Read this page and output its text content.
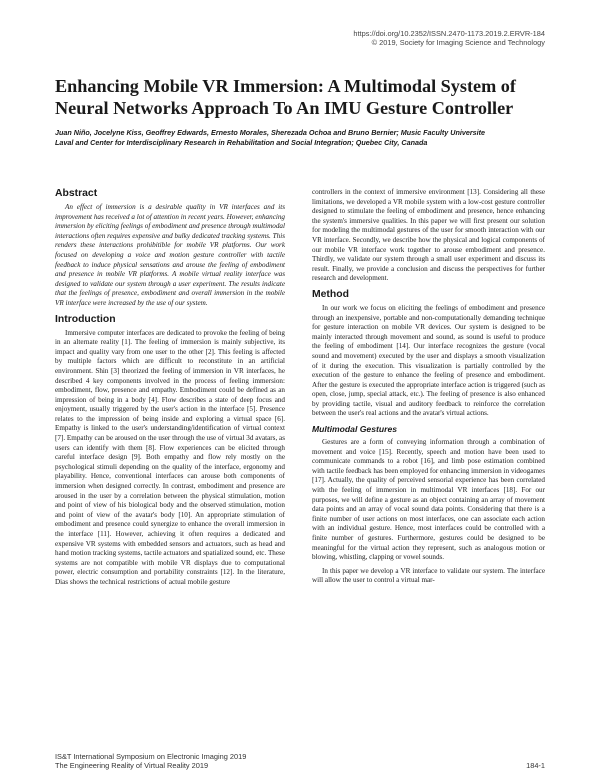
https://doi.org/10.2352/ISSN.2470-1173.2019.2.ERVR-184
© 2019, Society for Imaging Science and Technology
Enhancing Mobile VR Immersion: A Multimodal System of
Neural Networks Approach To An IMU Gesture Controller
Juan Niño, Jocelyne Kiss, Geoffrey Edwards, Ernesto Morales, Sherezada Ochoa and Bruno Bernier; Music Faculty Universite
Laval and Center for Interdisciplinary Research in Rehabilitation and Social Integration; Quebec City, Canada
Abstract

An effect of immersion is a desirable quality in VR interfaces and its improvement has received a lot of attention in recent years. However, enhancing immersion by eliciting feelings of embodiment and presence through multimodal interactions often requires expensive and bulky dedicated tracking systems. This renders these interactions prohibitible for mobile VR platforms. Our work focused on developing a voice and motion gesture controller with tactile feedback to induce physical sensations and arouse the feeling of embodiment and presence in mobile VR platforms. A mobile virtual reality interface was designed to validate our system through a user experiment. The results indicate that the feelings of presence, embodiment and overall immersion in the mobile VR interface were increased by the use of our system.

Introduction

Immersive computer interfaces are dedicated to provoke the feeling of being in an alternate reality [1]. The feeling of immersion is mainly subjective, its impact and quality vary from one user to the other [2]. This feeling is affected by multiple factors which are difficult to reconstitute in an artificial environment. Shin [3] theorized the feeling of immersion in VR interfaces, he described 4 key components involved in the process of feeling immersion: embodiment, flow, presence and empathy. Embodiment could be defined as an impression of being in a body [4]. Flow describes a state of deep focus and enjoyment, usually triggered by the user's action in the interface [5]. Presence relates to the impression of being inside and exploring a virtual space [6]. Empathy is linked to the user's understanding/identification of virtual context [7]. Empathy can be aroused on the user through the use of virtual 3d avatars, as users can identify with them [8]. Flow experiences can be elicited through careful interface design [9]. Both empathy and flow rely mostly on the psychological stimuli depending on the quality of the interface, ergonomy and playability. Hence, conventional interfaces can arouse both components of immersion when designed correctly. In contrast, embodiment and presence are aroused in the user by a correlation between the physical stimulation, motion and point of view of his biological body and the observed stimulation, motion and point of view of the avatar's body [10]. An appropriate stimulation of embodiment and presence could synergize to enhance the overall immersion in the interface [11]. However, achieving it often requires a dedicated and expensive VR systems with embedded sensors and actuators, such as head and hand motion tracking systems, tactile actuators and spatialized sound, etc. These systems are not compatible with mobile VR displays due to computational power, electric consumption and portability constraints [12]. In the literature, Dias shows the technical restrictions of actual mobile gesture

controllers in the context of immersive environment [13]. Considering all these limitations, we developed a VR mobile system with a low-cost gesture controller designed to stimulate the feeling of embodiment and presence, hence enhancing the system's immersive qualities. In this paper we will first present our solution for modeling the multimodal gestures of the user for smooth interaction with our VR interface. Secondly, we describe how the physical and logical components of our mobile VR interface work together to arouse embodiment and presence. Thirdly, we validate our system through a small user experiment and discuss its result. Finally, we provide a conclusion and discuss the perspectives for further research and development.

Method

In our work we focus on eliciting the feelings of embodiment and presence through an inexpensive, portable and non-computationally demanding technique for gesture interaction on mobile VR devices. Our system is designed to be mainly interacted through movement and sound, as sound is useful to produce the feeling of embodiment [14]. Our interface recognizes the gesture (vocal sound and movement) executed by the user and displays a smooth visualization of it during the execution. This visualization is partially controlled by the execution of the gesture to enhance the feeling of presence and embodiment. After the gesture is executed the appropriate interface action is triggered (such as open, close, jump, special attack, etc.). The feeling of presence is also enhanced by providing tactile, visual and auditory feedback to reinforce the correlation between the user's real actions and the avatar's virtual actions.

Multimodal Gestures

Gestures are a form of conveying information through a combination of movement and voice [15]. Recently, speech and motion have been used to communicate commands to a robot [16], and limb pose estimation combined with tactile feedback has been employed for enhancing immersion in videogames [17]. Actually, the quality of perceived sensorial experience has been correlated with the feeling of immersion in multimodal VR interfaces [18]. For our purposes, we will define a gesture as an object containing an array of movement data points and an array of vocal sound data points. Considering that there is a finite number of user actions on most interfaces, one can associate each action with an individual gesture. Hence, most interfaces could be controlled with a finite number of gestures. Furthermore, gestures could be designed to be meaningful for the virtual action they represent, such as analogous motion or blowing, whistling, clapping or vowel sounds.

In this paper we develop a VR interface to validate our system. The interface will allow the user to control a virtual mar-

IS&T International Symposium on Electronic Imaging 2019
The Engineering Reality of Virtual Reality 2019	184-1
